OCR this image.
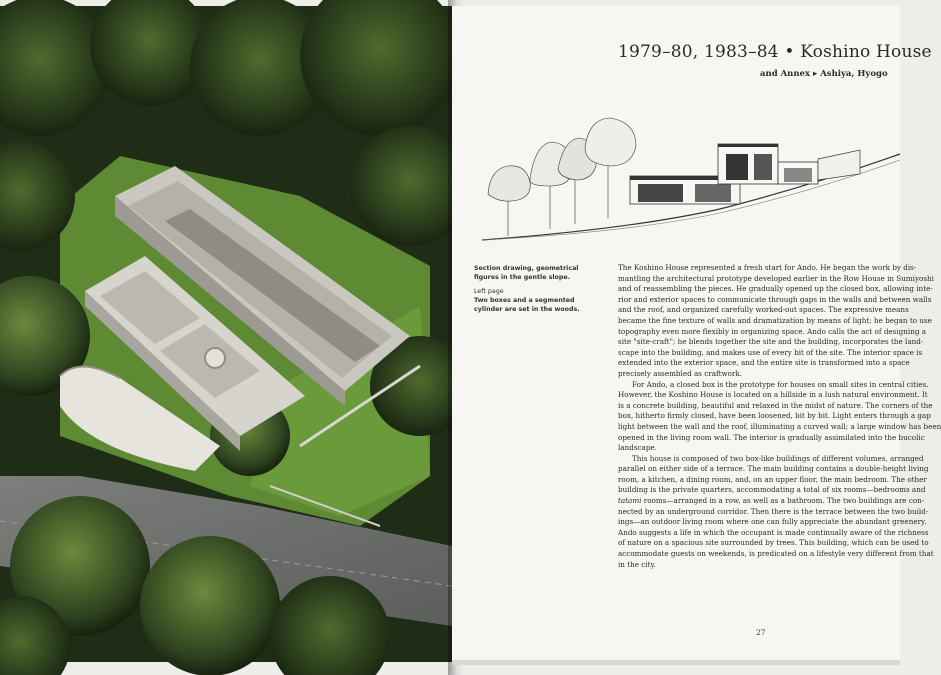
1979–80, 1983–84 • Koshino House
and Annex ▸ Ashiya, Hyogo

Section drawing, geometrical
figures in the gentle slope.

Left page
Two boxes and a segmented
cylinder are set in the woods.

The Koshino House represented a fresh start for Ando. He began the work by dis-
mantling the architectural prototype developed earlier in the Row House in Sumiyoshi
and of reassembling the pieces. He gradually opened up the closed box, allowing inte-
rior and exterior spaces to communicate through gaps in the walls and between walls
and the roof, and organized carefully worked-out spaces. The expressive means
became the fine texture of walls and dramatization by means of light; he began to use
topography even more flexibly in organizing space. Ando calls the act of designing a
site "site-craft"; he blends together the site and the building, incorporates the land-
scape into the building, and makes use of every bit of the site. The interior space is
extended into the exterior space, and the entire site is transformed into a space
precisely assembled as craftwork.
For Ando, a closed box is the prototype for houses on small sites in central cities.
However, the Koshino House is located on a hillside in a lush natural environment. It
is a concrete building, beautiful and relaxed in the midst of nature. The corners of the
box, hitherto firmly closed, have been loosened, bit by bit. Light enters through a gap
light between the wall and the roof, illuminating a curved wall; a large window has been
opened in the living room wall. The interior is gradually assimilated into the bucolic
landscape.
This house is composed of two box-like buildings of different volumes, arranged
parallel on either side of a terrace. The main building contains a double-height living
room, a kitchen, a dining room, and, on an upper floor, the main bedroom. The other
building is the private quarters, accommodating a total of six rooms—bedrooms and
tatami rooms—arranged in a row, as well as a bathroom. The two buildings are con-
nected by an underground corridor. Then there is the terrace between the two build-
ings—an outdoor living room where one can fully appreciate the abundant greenery.
Ando suggests a life in which the occupant is made continually aware of the richness
of nature on a spacious site surrounded by trees. This building, which can be used to
accommodate guests on weekends, is predicated on a lifestyle very different from that
in the city.
27
